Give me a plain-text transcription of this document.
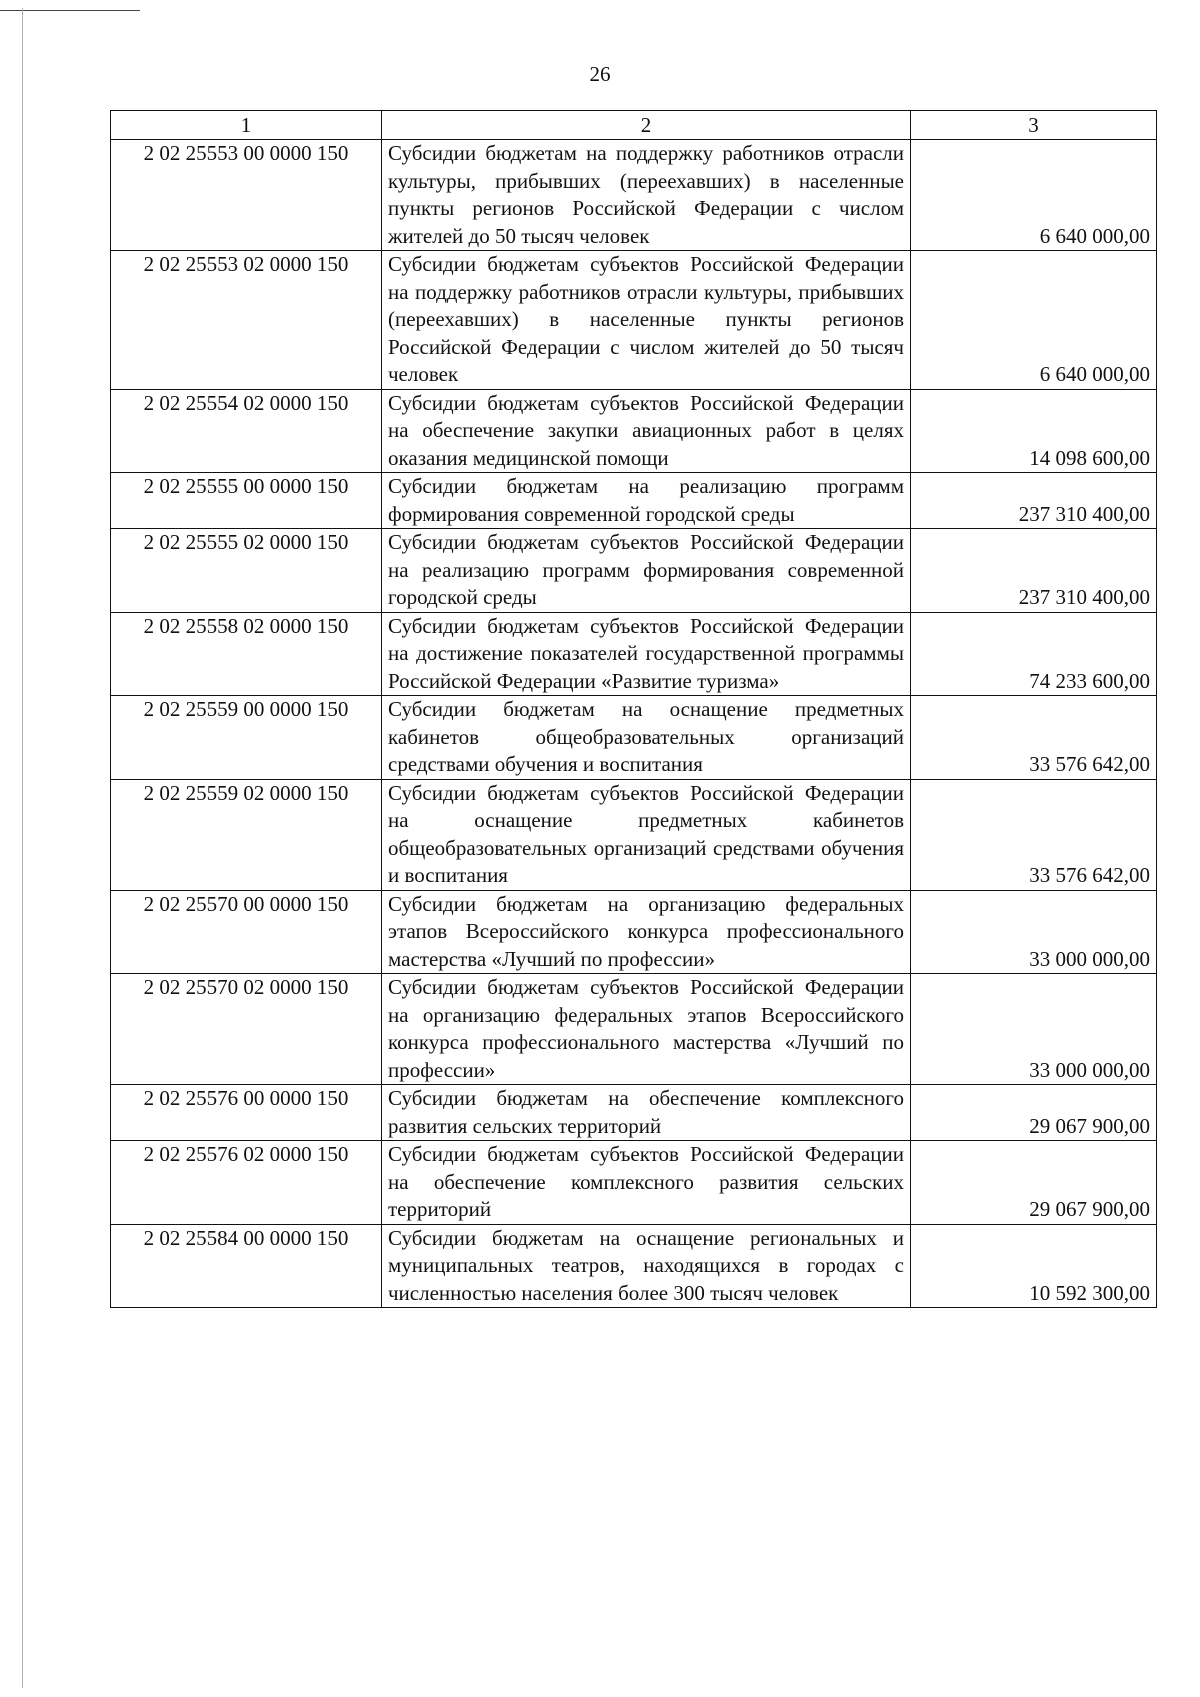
26
1	2	3
2 02 25553 00 0000 150	Субсидии бюджетам на поддержку работников отрасли культуры, прибывших (переехавших) в населенные пункты регионов Российской Федерации с числом жителей до 50 тысяч человек	6 640 000,00
2 02 25553 02 0000 150	Субсидии бюджетам субъектов Российской Федерации на поддержку работников отрасли культуры, прибывших (переехавших) в населенные пункты регионов Российской Федерации с числом жителей до 50 тысяч человек	6 640 000,00
2 02 25554 02 0000 150	Субсидии бюджетам субъектов Российской Федерации на обеспечение закупки авиационных работ в целях оказания медицинской помощи	14 098 600,00
2 02 25555 00 0000 150	Субсидии бюджетам на реализацию программ формирования современной городской среды	237 310 400,00
2 02 25555 02 0000 150	Субсидии бюджетам субъектов Российской Федерации на реализацию программ формирования современной городской среды	237 310 400,00
2 02 25558 02 0000 150	Субсидии бюджетам субъектов Российской Федерации на достижение показателей государственной программы Российской Федерации «Развитие туризма»	74 233 600,00
2 02 25559 00 0000 150	Субсидии бюджетам на оснащение предметных кабинетов общеобразовательных организаций средствами обучения и воспитания	33 576 642,00
2 02 25559 02 0000 150	Субсидии бюджетам субъектов Российской Федерации на оснащение предметных кабинетов общеобразовательных организаций средствами обучения и воспитания	33 576 642,00
2 02 25570 00 0000 150	Субсидии бюджетам на организацию федеральных этапов Всероссийского конкурса профессионального мастерства «Лучший по профессии»	33 000 000,00
2 02 25570 02 0000 150	Субсидии бюджетам субъектов Российской Федерации на организацию федеральных этапов Всероссийского конкурса профессионального мастерства «Лучший по профессии»	33 000 000,00
2 02 25576 00 0000 150	Субсидии бюджетам на обеспечение комплексного развития сельских территорий	29 067 900,00
2 02 25576 02 0000 150	Субсидии бюджетам субъектов Российской Федерации на обеспечение комплексного развития сельских территорий	29 067 900,00
2 02 25584 00 0000 150	Субсидии бюджетам на оснащение региональных и муниципальных театров, находящихся в городах с численностью населения более 300 тысяч человек	10 592 300,00
